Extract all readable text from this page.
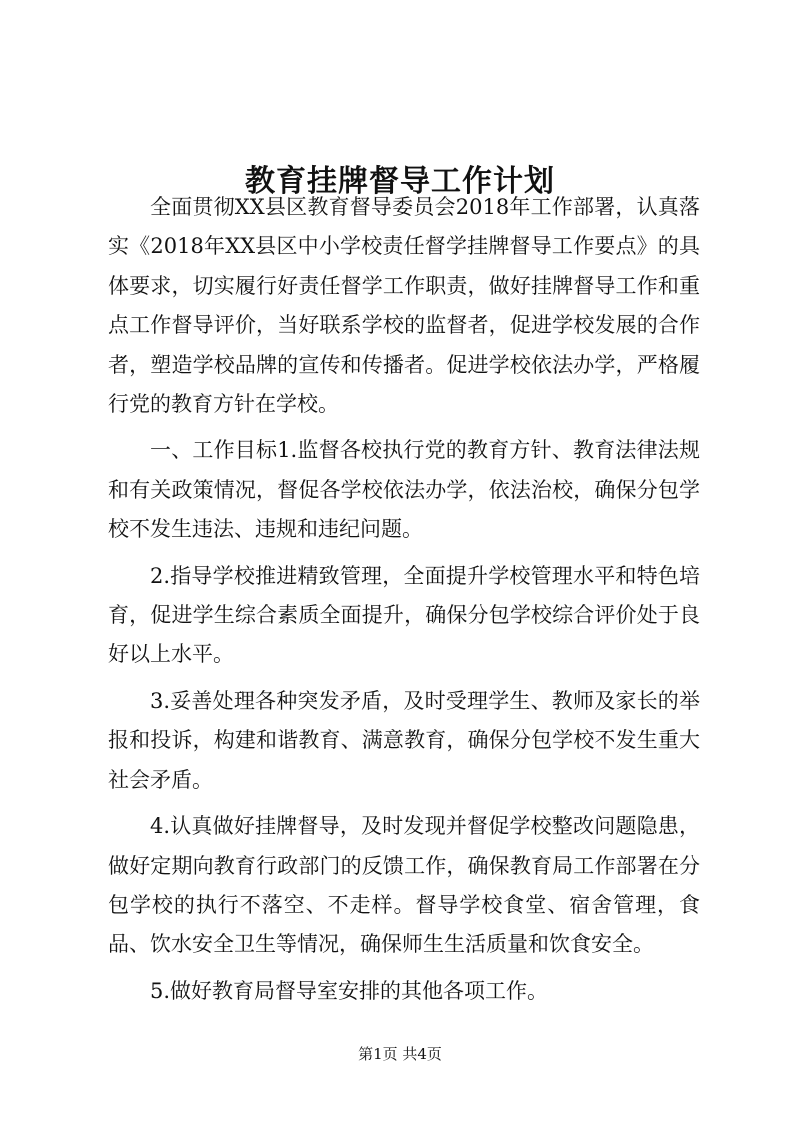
教育挂牌督导工作计划

全面贯彻XX县区教育督导委员会2018年工作部署，认真落实《2018年XX县区中小学校责任督学挂牌督导工作要点》的具体要求，切实履行好责任督学工作职责，做好挂牌督导工作和重点工作督导评价，当好联系学校的监督者，促进学校发展的合作者，塑造学校品牌的宣传和传播者。促进学校依法办学，严格履行党的教育方针在学校。

一、工作目标1.监督各校执行党的教育方针、教育法律法规和有关政策情况，督促各学校依法办学，依法治校，确保分包学校不发生违法、违规和违纪问题。

2.指导学校推进精致管理，全面提升学校管理水平和特色培育，促进学生综合素质全面提升，确保分包学校综合评价处于良好以上水平。

3.妥善处理各种突发矛盾，及时受理学生、教师及家长的举报和投诉，构建和谐教育、满意教育，确保分包学校不发生重大社会矛盾。

4.认真做好挂牌督导，及时发现并督促学校整改问题隐患，做好定期向教育行政部门的反馈工作，确保教育局工作部署在分包学校的执行不落空、不走样。督导学校食堂、宿舍管理，食品、饮水安全卫生等情况，确保师生生活质量和饮食安全。

5.做好教育局督导室安排的其他各项工作。

第1页 共4页
